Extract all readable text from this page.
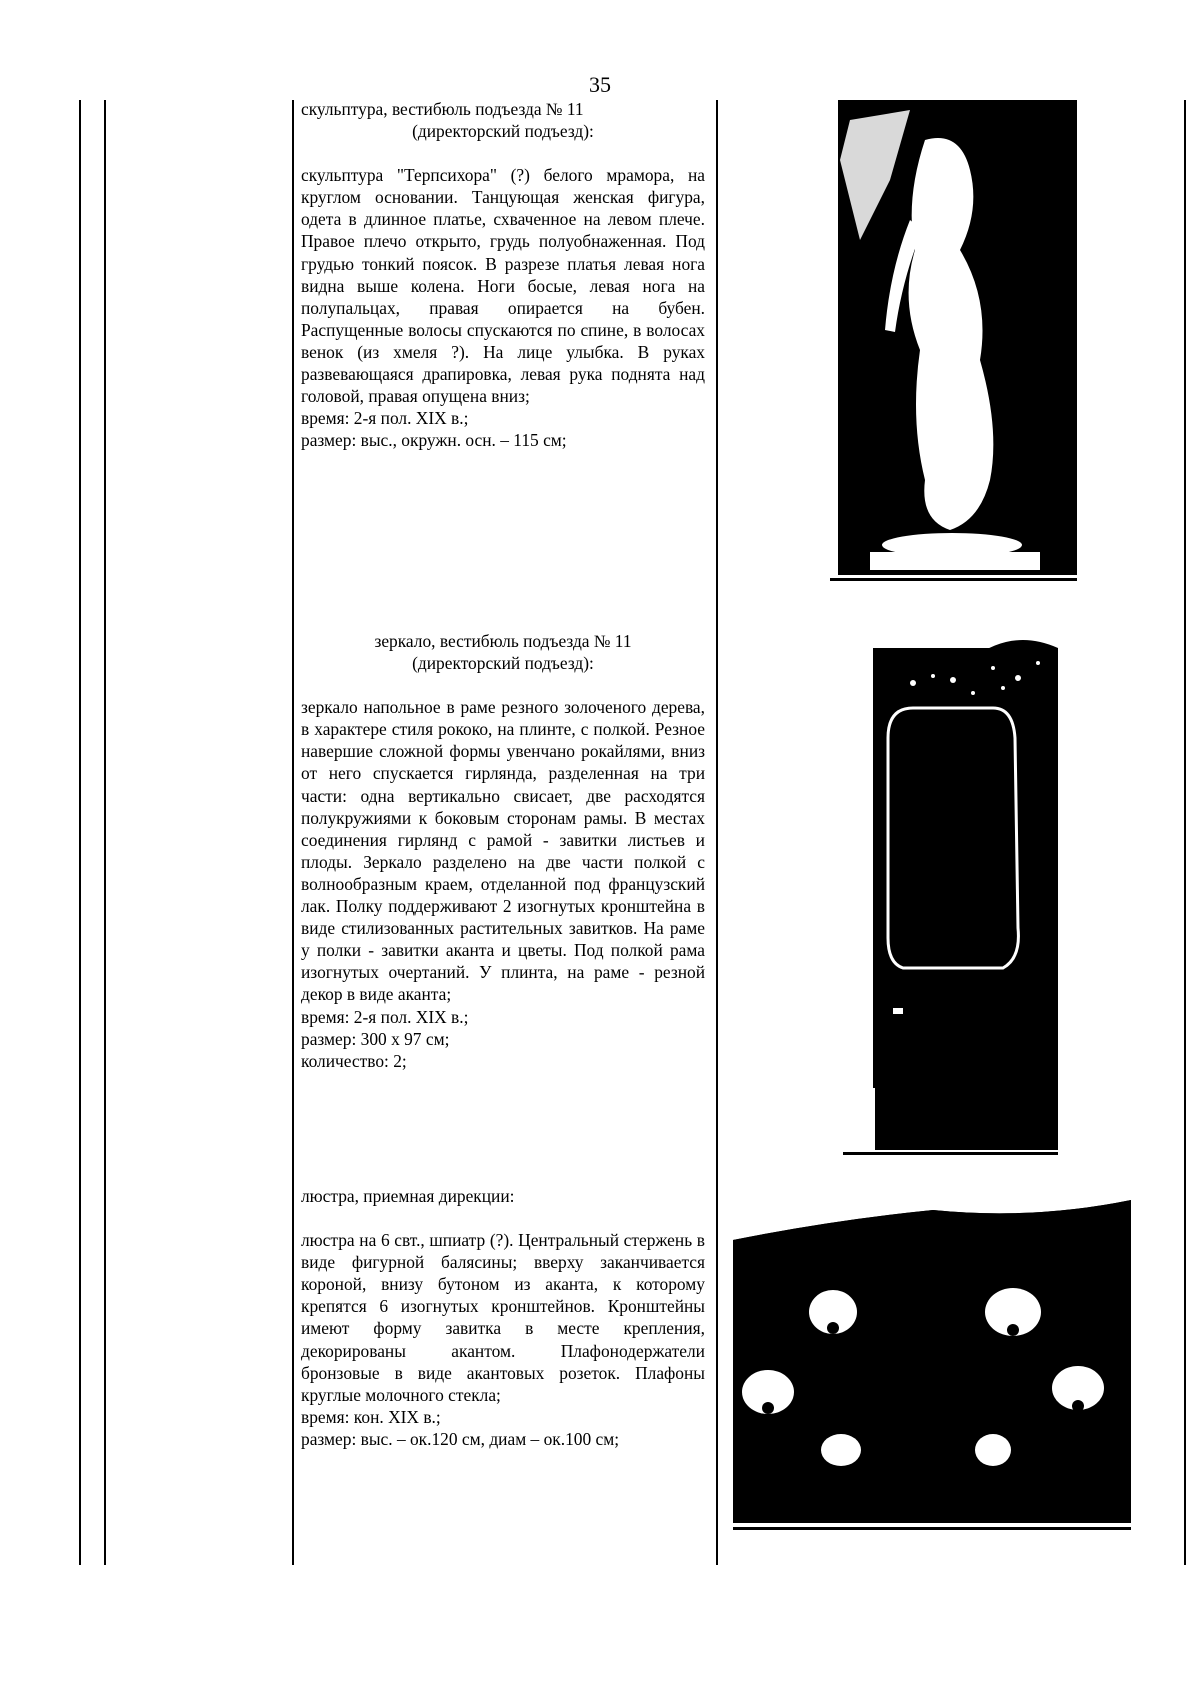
35

скульптура, вестибюль подъезда № 11

(директорский подъезд):

скульптура "Терпсихора" (?) белого мрамора, на круглом основании. Танцующая женская фигура, одета в длинное платье, схваченное на левом плече. Правое плечо открыто, грудь полуобнаженная. Под грудью тонкий поясок. В разрезе платья левая нога видна выше колена. Ноги босые, левая нога на полупальцах, правая опирается на бубен. Распущенные волосы спускаются по спине, в волосах венок (из хмеля ?). На лице улыбка. В руках развевающаяся драпировка, левая рука поднята над головой, правая опущена вниз;

время: 2-я пол. XIX в.;

размер: выс., окружн. осн. – 115 см;

зеркало, вестибюль подъезда № 11

(директорский подъезд):

зеркало напольное в раме резного золоченого дерева, в характере стиля рококо, на плинте, с полкой. Резное навершие сложной формы увенчано рокайлями, вниз от него спускается гирлянда, разделенная на три части: одна вертикально свисает, две расходятся полукружиями к боковым сторонам рамы. В местах соединения гирлянд с рамой - завитки листьев и плоды. Зеркало разделено на две части полкой с волнообразным краем, отделанной под французский лак. Полку поддерживают 2 изогнутых кронштейна в виде стилизованных растительных завитков. На раме у полки - завитки аканта и цветы. Под полкой рама изогнутых очертаний. У плинта, на раме - резной декор в виде аканта;

время: 2-я пол. XIX в.;

размер: 300 х 97 см;

количество: 2;

люстра, приемная дирекции:

люстра на 6 свт., шпиатр (?). Центральный стержень в виде фигурной балясины; вверху заканчивается короной, внизу бутоном из аканта, к которому крепятся 6 изогнутых кронштейнов. Кронштейны имеют форму завитка в месте крепления, декорированы акантом. Плафонодержатели бронзовые в виде акантовых розеток. Плафоны круглые молочного стекла;

время: кон. XIX в.;

размер: выс. – ок.120 см, диам – ок.100 см;
